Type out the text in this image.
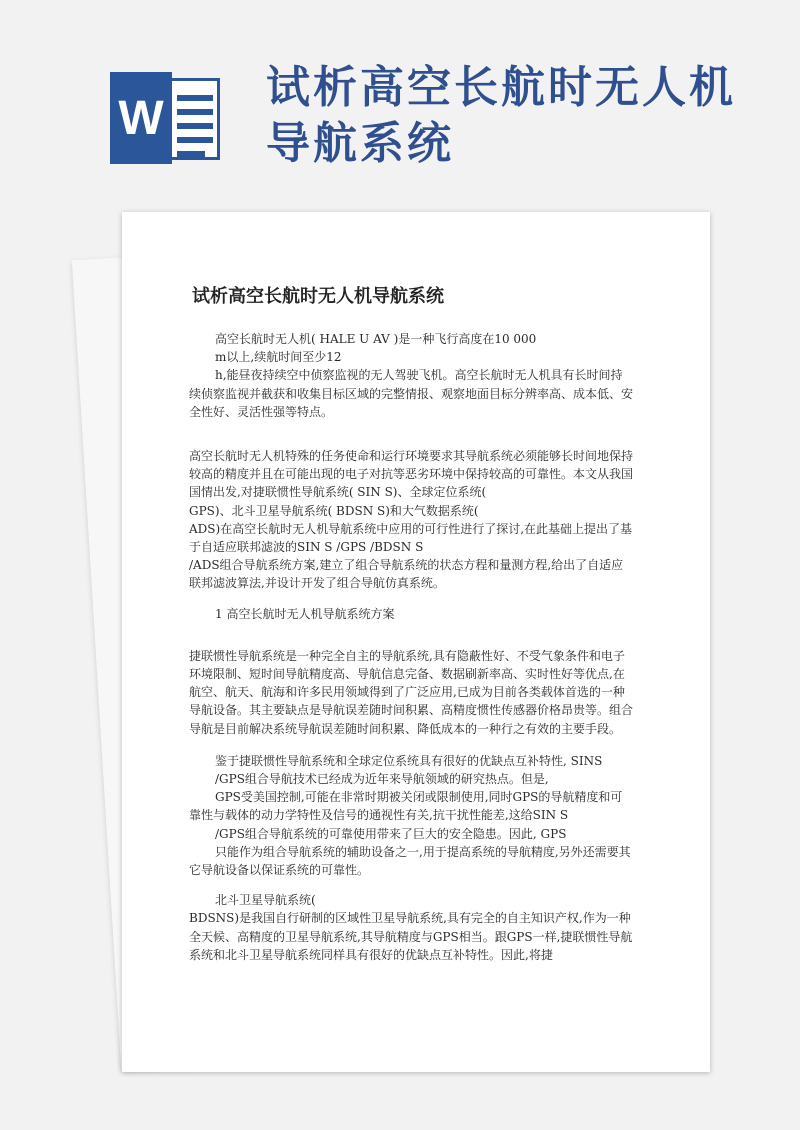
W
试析高空长航时无人机
导航系统
试析高空长航时无人机导航系统

高空长航时无人机( HALE U AV )是一种飞行高度在10 000
m以上,续航时间至少12
h,能昼夜持续空中侦察监视的无人驾驶飞机。高空长航时无人机具有长时间持续侦察监视并截获和收集目标区域的完整情报、观察地面目标分辨率高、成本低、安全性好、灵活性强等特点。

高空长航时无人机特殊的任务使命和运行环境要求其导航系统必须能够长时间地保持较高的精度并且在可能出现的电子对抗等恶劣环境中保持较高的可靠性。本文从我国国情出发,对捷联惯性导航系统( SIN S)、全球定位系统(
GPS)、北斗卫星导航系统( BDSN S)和大气数据系统(
ADS)在高空长航时无人机导航系统中应用的可行性进行了探讨,在此基础上提出了基于自适应联邦滤波的SIN S /GPS /BDSN S
/ADS组合导航系统方案,建立了组合导航系统的状态方程和量测方程,给出了自适应联邦滤波算法,并设计开发了组合导航仿真系统。

1 高空长航时无人机导航系统方案

捷联惯性导航系统是一种完全自主的导航系统,具有隐蔽性好、不受气象条件和电子环境限制、短时间导航精度高、导航信息完备、数据刷新率高、实时性好等优点,在航空、航天、航海和许多民用领域得到了广泛应用,已成为目前各类载体首选的一种导航设备。其主要缺点是导航误差随时间积累、高精度惯性传感器价格昂贵等。组合导航是目前解决系统导航误差随时间积累、降低成本的一种行之有效的主要手段。

鉴于捷联惯性导航系统和全球定位系统具有很好的优缺点互补特性, SINS
/GPS组合导航技术已经成为近年来导航领域的研究热点。但是,
GPS受美国控制,可能在非常时期被关闭或限制使用,同时GPS的导航精度和可靠性与载体的动力学特性及信号的通视性有关,抗干扰性能差,这给SIN S
/GPS组合导航系统的可靠使用带来了巨大的安全隐患。因此, GPS
只能作为组合导航系统的辅助设备之一,用于提高系统的导航精度,另外还需要其它导航设备以保证系统的可靠性。

北斗卫星导航系统(
BDSNS)是我国自行研制的区域性卫星导航系统,具有完全的自主知识产权,作为一种全天候、高精度的卫星导航系统,其导航精度与GPS相当。跟GPS一样,捷联惯性导航系统和北斗卫星导航系统同样具有很好的优缺点互补特性。因此,将捷
